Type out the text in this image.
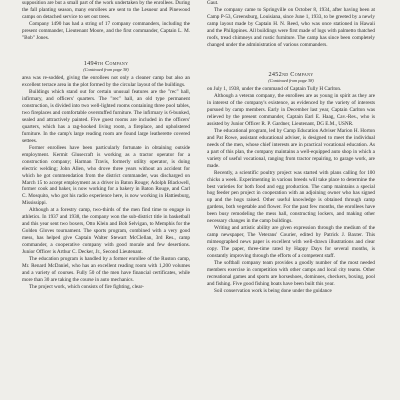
supposition are but a small part of the work undertaken by the enrollees. During the fall planting season, many enrollees are sent to the Lesueur and Pinewood camps on detached service to set out trees.

Company 1490 has had a string of 17 company commanders, including the present commander, Lieutenant Moore, and the first commander, Captain L. M. "Bob" Jones.

1494th Company
(Continued from page 38)

area was re-sodded, giving the enrollees not only a cleaner camp but also an excellent terrace area in the plot formed by the circular layout of the buildings.

Buildings which stand out for certain unusual features are the "rec" hall, infirmary, and officers' quarters. The "rec" hall, an old type permanent construction, is divided into two well-lighted rooms containing three pool tables, two fireplaces and comfortable overstuffed furniture. The infirmary is 6-bunked, sealed and attractively painted. Five guest rooms are included in the officers' quarters, which has a rag-hooked living room, a fireplace, and upholstered furniture. In the camp's large reading room are found large leatherette covered settees.

Former enrollees have been particularly fortunate in obtaining outside employment. Kermit Glusecraft is working as a tractor operator for a construction company; Harman Travis, formerly utility operator, is doing electric welding; John Allen, who drove three years without an accident for which he got commendation from the district commander, was discharged on March 15 to accept employment as a driver in Baton Rouge; Adolph Blackwell, former cook and baker, is now working for a bakery in Baton Rouge, and Carl C. Mosquito, who got his radio experience here, is now working in Hattiesburg, Mississippi.

Although at a forestry camp, two-thirds of the men find time to engage in athletics. In 1937 and 1938, the company won the sub-district title in basketball and this year sent two boxers, Otto Klein and Bob Selvigan, to Memphis for the Golden Gloves tournament. The sports program, combined with a very good mess, has helped give Captain Walter Stewart McClellan, 3rd Res., camp commander, a cooperative company with good morale and few desertions. Junior Officer is Arthur C. Decker, Jr., Second Lieutenant.

The education program is handled by a former enrollee of the Ruston camp, Mr. Renard McDaniel, who has an excellent reading room with 1,200 volumes and a variety of courses. Fully 50 of the men have financial certificates, while more than 30 are taking the course in auto mechanics.

The project work, which consists of fire fighting, clear-

Gaut.

The company came to Springville on October 8, 1934, after having been at Camp P-53, Greensburg, Louisiana, since June 1, 1933, to be greeted by a newly camp layout made by Captain H. N. Reed, who was once stationed in Hawaii and the Philippines. All buildings were first made of logs with palmetto thatched roofs, tread chimneys and rustic furniture. The camp has since been completely changed under the administration of various commanders.

2452nd Company
(Continued from page 38)

on July 1, 1938, under the command of Captain Tully H Carlton.

Although a veteran company, the enrollees are as young in spirit as they are in interest of the company's existence, as evidenced by the variety of interests pursued by camp members. Early in December last year, Captain Carlton was relieved by the present commander, Captain Earl E. Haag, Cav.-Res., who is assisted by Junior Officer R. P. Gardner, Lieutenant, DG E.M., USNR.

The educational program, led by Camp Education Adviser Marion H. Horton and Pat Rowe, assistant educational adviser, is designed to meet the individual needs of the men, whose chief interests are in practical vocational education. As a part of this plan, the company maintains a well-equipped auto shop in which a variety of useful vocational, ranging from tractor repairing, to garage work, are made.

Recently, a scientific poultry project was started with plans calling for 100 chicks a week. Experimenting in various breeds will take place to determine the best varieties for both food and egg production. The camp maintains a special hog feeder pen project in cooperation with an adjoining owner who has signed up and the hogs raised. Other useful knowledge is obtained through camp gardens, both vegetable and flower. For the past few months, the enrollees have been busy remodeling the mess hall, constructing lockers, and making other necessary changes in the camp buildings.

Writing and artistic ability are given expression through the medium of the camp newspaper, The Veterans' Courier, edited by Patrick J. Baxter. This mimeographed news paper is excellent with well-drawn illustrations and clear copy. The paper, three-time rated by Happy Days for several months, is constantly improving through the efforts of a competent staff.

The softball company team provides a goodly number of the most needed members exercise in competition with other camps and local city teams. Other recreational games and sports are horseshoes, dominoes, checkers, boxing, pool and fishing. Five good fishing boats have been built this year.

Soil conservation work is being done under the guidance
